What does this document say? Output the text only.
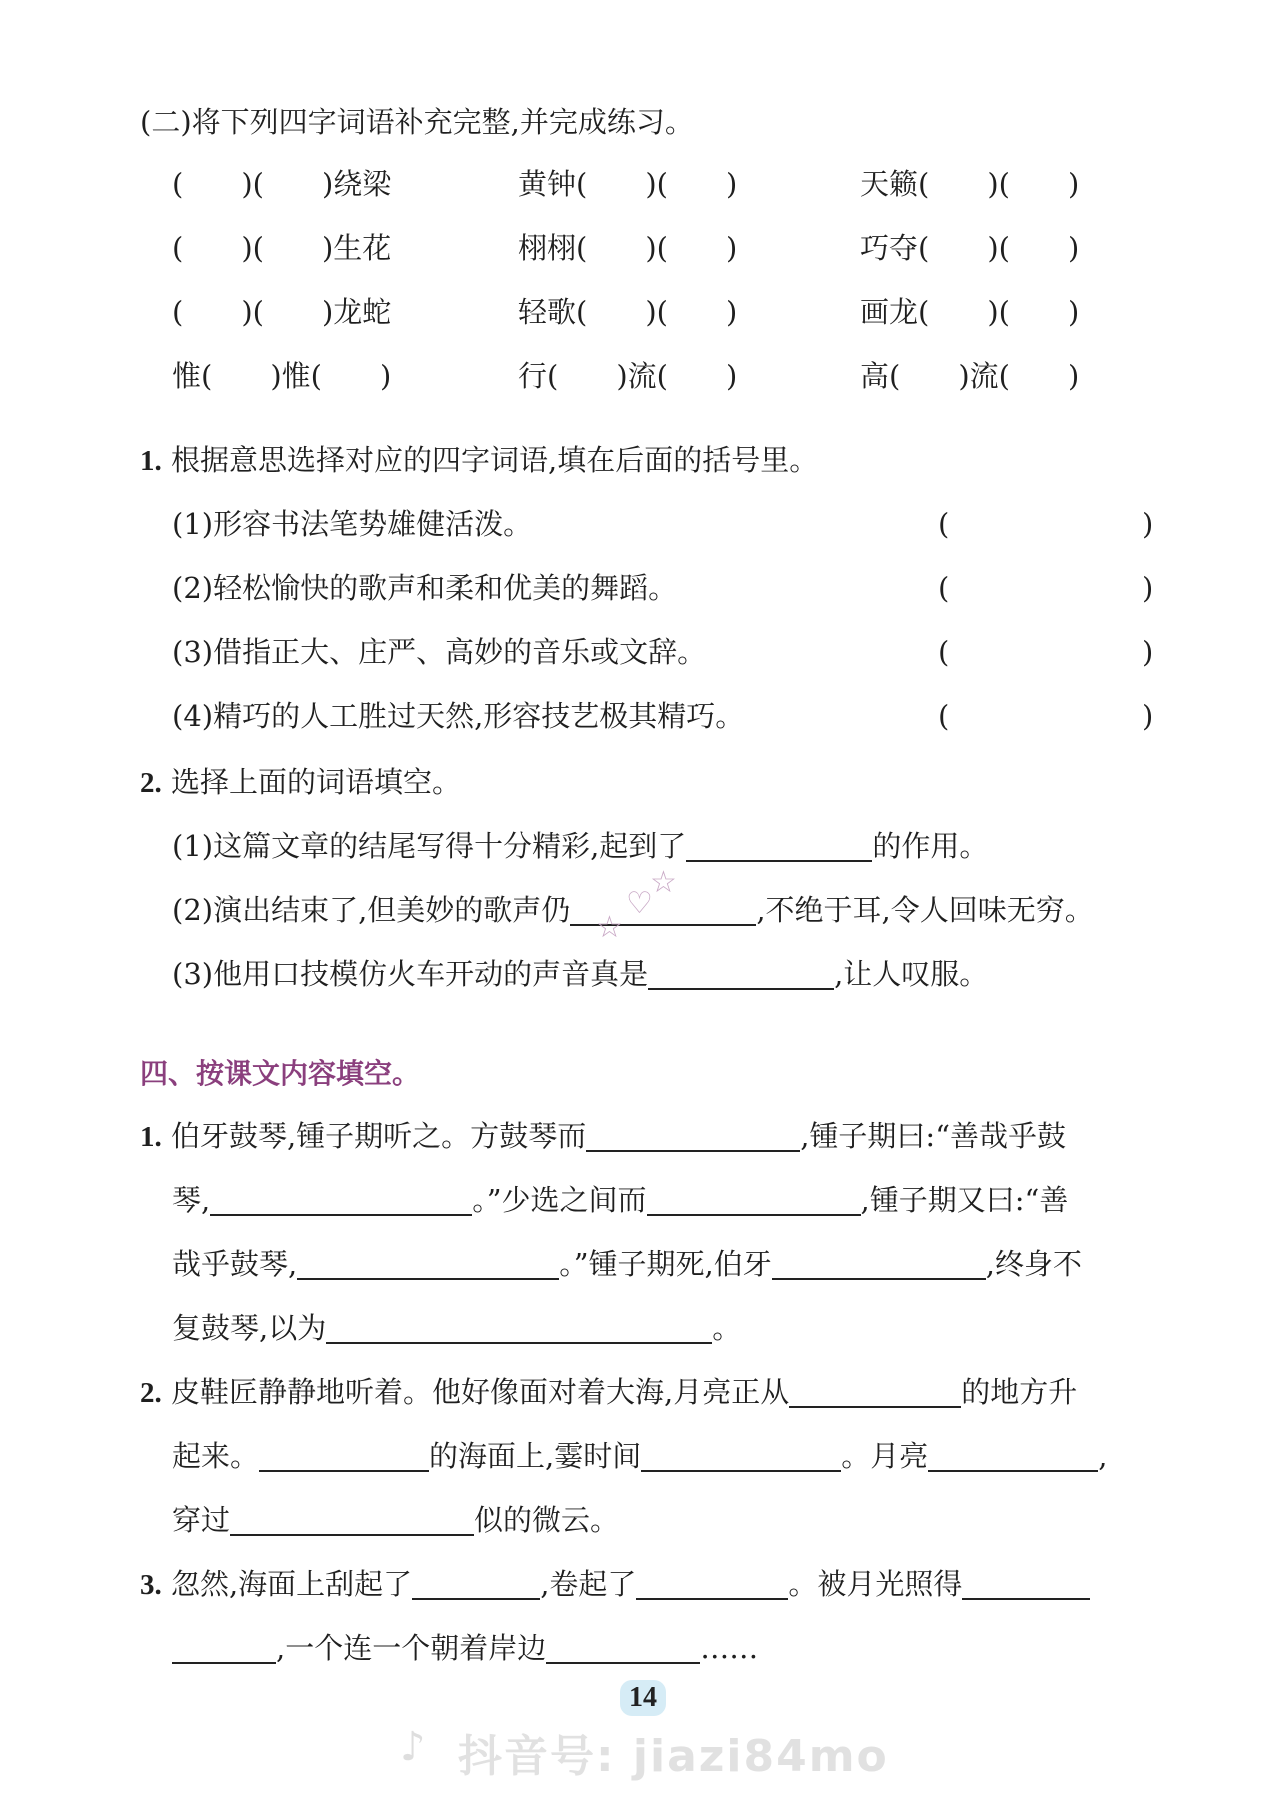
(二)将下列四字词语补充完整,并完成练习。
(　　)(　　)绕梁	黄钟(　　)(　　)	天籁(　　)(　　)
(　　)(　　)生花	栩栩(　　)(　　)	巧夺(　　)(　　)
(　　)(　　)龙蛇	轻歌(　　)(　　)	画龙(　　)(　　)
惟(　　)惟(　　)	行(　　)流(　　)	高(　　)流(　　)
1. 根据意思选择对应的四字词语,填在后面的括号里。
(1)形容书法笔势雄健活泼。	(	)
(2)轻松愉快的歌声和柔和优美的舞蹈。	(	)
(3)借指正大、庄严、高妙的音乐或文辞。	(	)
(4)精巧的人工胜过天然,形容技艺极其精巧。	(	)
2. 选择上面的词语填空。
(1)这篇文章的结尾写得十分精彩,起到了	的作用。
(2)演出结束了,但美妙的歌声仍	,不绝于耳,令人回味无穷。
☆
♡
☆
(3)他用口技模仿火车开动的声音真是	,让人叹服。
四、按课文内容填空。
1. 伯牙鼓琴,锺子期听之。方鼓琴而	,锺子期曰:“善哉乎鼓
琴,	。”少选之间而	,锺子期又曰:“善
哉乎鼓琴,	。”锺子期死,伯牙	,终身不
复鼓琴,以为	。
2. 皮鞋匠静静地听着。他好像面对着大海,月亮正从	的地方升
起来。	的海面上,霎时间	。月亮	,
穿过	似的微云。
3. 忽然,海面上刮起了	,卷起了	。被月光照得
,一个连一个朝着岸边	……
14
♪ 抖音号: jiazi84mo
